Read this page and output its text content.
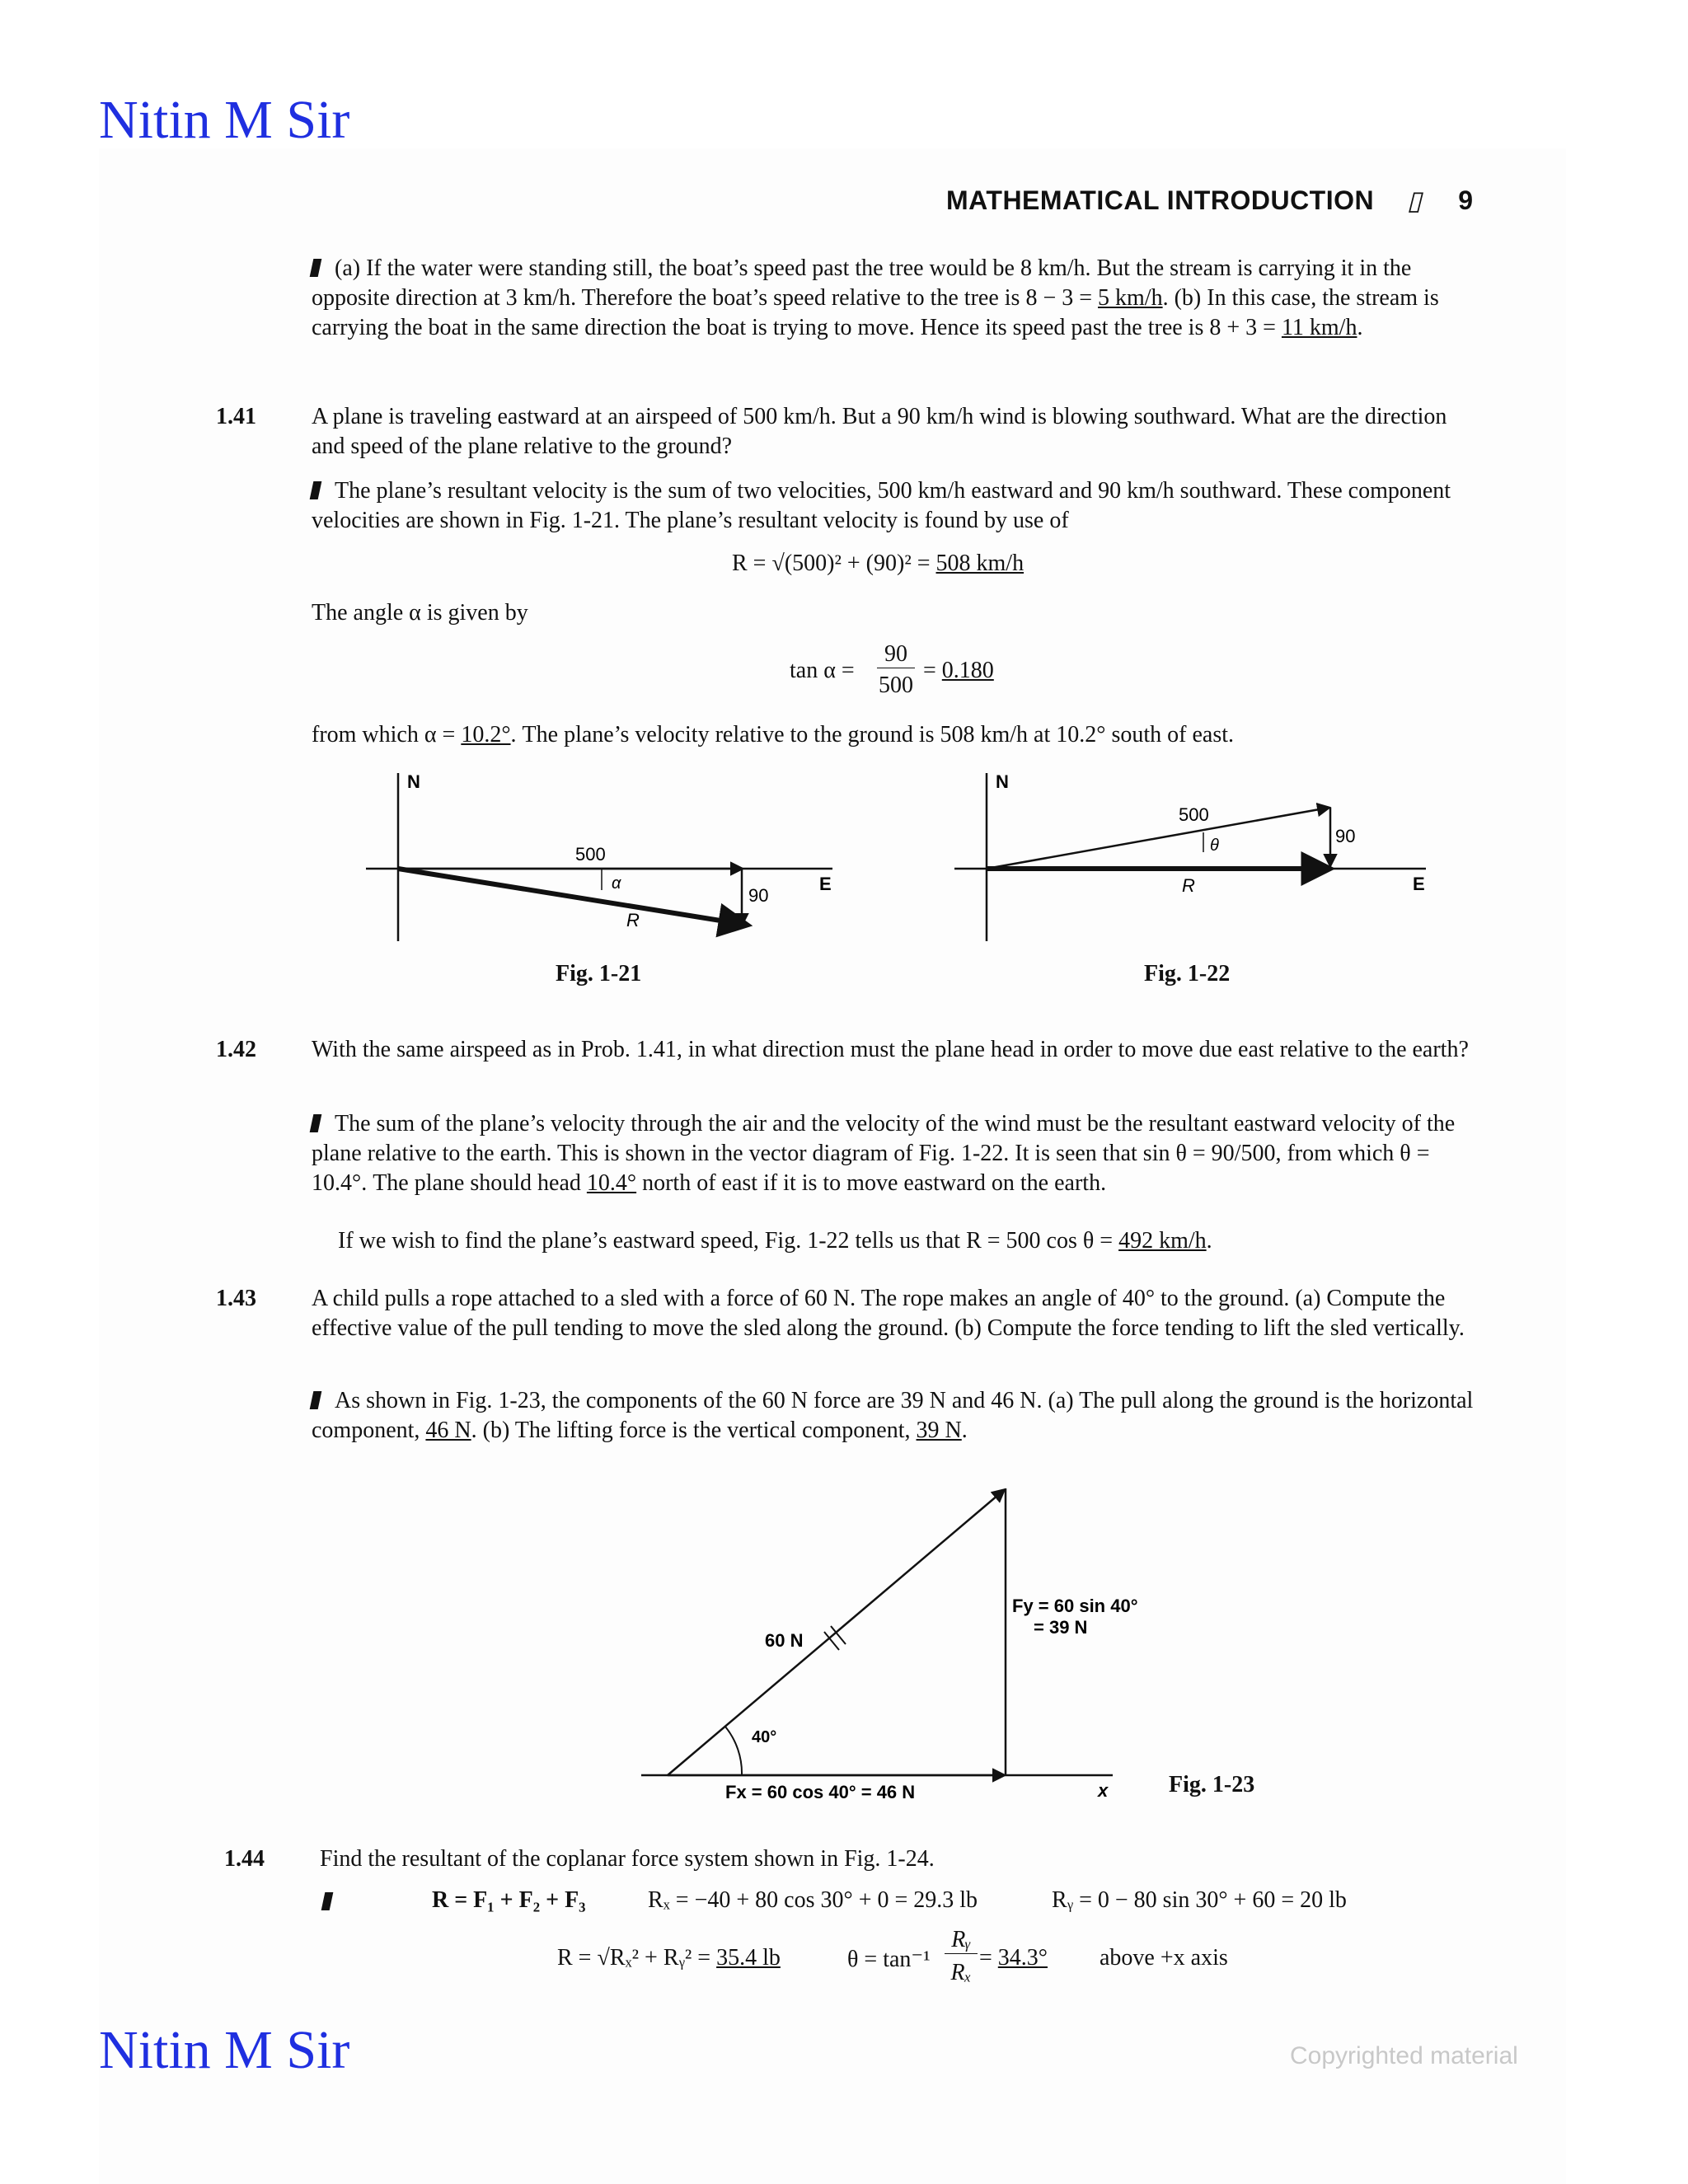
Nitin M Sir
MATHEMATICAL INTRODUCTION ▯ 9
(a) If the water were standing still, the boat’s speed past the tree would be 8 km/h. But the stream is carrying it in the opposite direction at 3 km/h. Therefore the boat’s speed relative to the tree is 8 − 3 = 5 km/h. (b) In this case, the stream is carrying the boat in the same direction the boat is trying to move. Hence its speed past the tree is 8 + 3 = 11 km/h.
1.41 A plane is traveling eastward at an airspeed of 500 km/h. But a 90 km/h wind is blowing southward. What are the direction and speed of the plane relative to the ground?
The plane’s resultant velocity is the sum of two velocities, 500 km/h eastward and 90 km/h southward. These component velocities are shown in Fig. 1-21. The plane’s resultant velocity is found by use of
R = √(500)² + (90)² = 508 km/h
The angle α is given by
tan α =
90
500
= 0.180
from which α = 10.2°. The plane’s velocity relative to the ground is 508 km/h at 10.2° south of east.
N
500
α
90
E
R
Fig. 1-21
N
500
θ	90
E
R
Fig. 1-22
1.42 With the same airspeed as in Prob. 1.41, in what direction must the plane head in order to move due east relative to the earth?
The sum of the plane’s velocity through the air and the velocity of the wind must be the resultant eastward velocity of the plane relative to the earth. This is shown in the vector diagram of Fig. 1-22. It is seen that sin θ = 90/500, from which θ = 10.4°. The plane should head 10.4° north of east if it is to move eastward on the earth.
If we wish to find the plane’s eastward speed, Fig. 1-22 tells us that R = 500 cos θ = 492 km/h.
1.43 A child pulls a rope attached to a sled with a force of 60 N. The rope makes an angle of 40° to the ground. (a) Compute the effective value of the pull tending to move the sled along the ground. (b) Compute the force tending to lift the sled vertically.
As shown in Fig. 1-23, the components of the 60 N force are 39 N and 46 N. (a) The pull along the ground is the horizontal component, 46 N. (b) The lifting force is the vertical component, 39 N.
60 N
40°
Fy = 60 sin 40°
= 39 N
Fx = 60 cos 40° = 46 N	x	Fig. 1-23
1.44 Find the resultant of the coplanar force system shown in Fig. 1-24.
R = F₁ + F₂ + F₃	Rₓ = −40 + 80 cos 30° + 0 = 29.3 lb	Rᵧ = 0 − 80 sin 30° + 60 = 20 lb
R = √Rₓ² + Rᵧ² = 35.4 lb	θ = tan⁻¹
Rᵧ
Rₓ
= 34.3° above +x axis
Nitin M Sir	Copyrighted material
